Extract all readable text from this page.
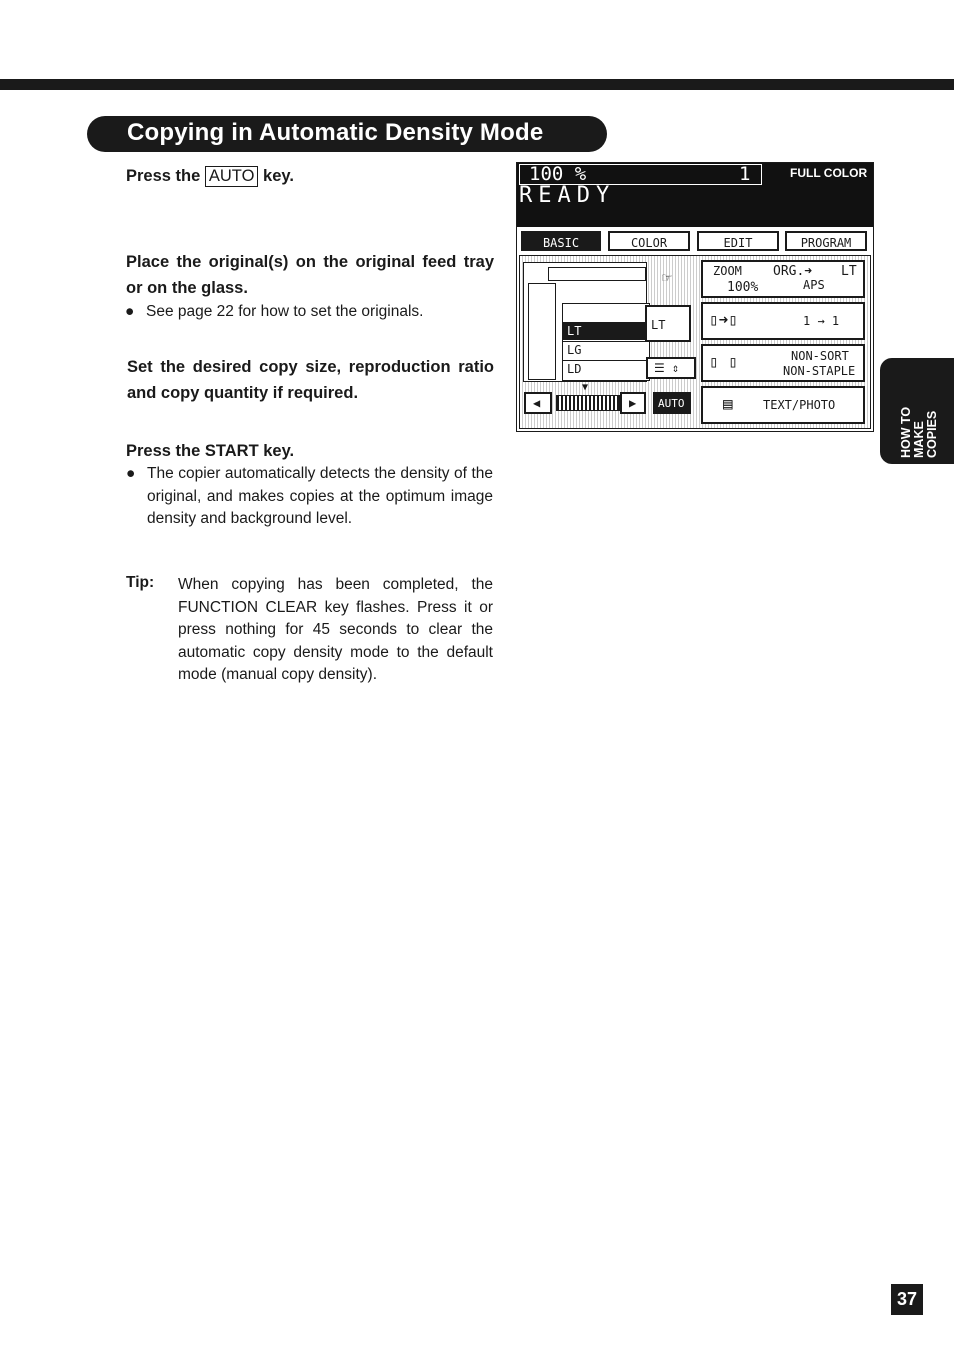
Copying in Automatic Density Mode
Press the AUTO key.
Place the original(s) on the original feed tray or on the glass.
● See page 22 for how to set the originals.
Set the desired copy size, reproduction ratio and copy quantity if required.
Press the START key.
● The copier automatically detects the density of the original, and makes copies at the optimum image density and background level.
Tip: When copying has been completed, the FUNCTION CLEAR key flashes. Press it or press nothing for 45 seconds to clear the automatic copy density mode to the default mode (manual copy density).
100 %	1	FULL COLOR
READY
BASIC	COLOR	EDIT	PROGRAM
LT
LG
LD
LT
☞	ZOOM
100%
ORG.➜ LT
APS
▯➜▯	1 → 1
▯ ▯	NON-SORT
NON-STAPLE
▤	TEXT/PHOTO
☰ ⇕
◀
▼
▶ AUTO
HOW TO
MAKE
COPIES
37
